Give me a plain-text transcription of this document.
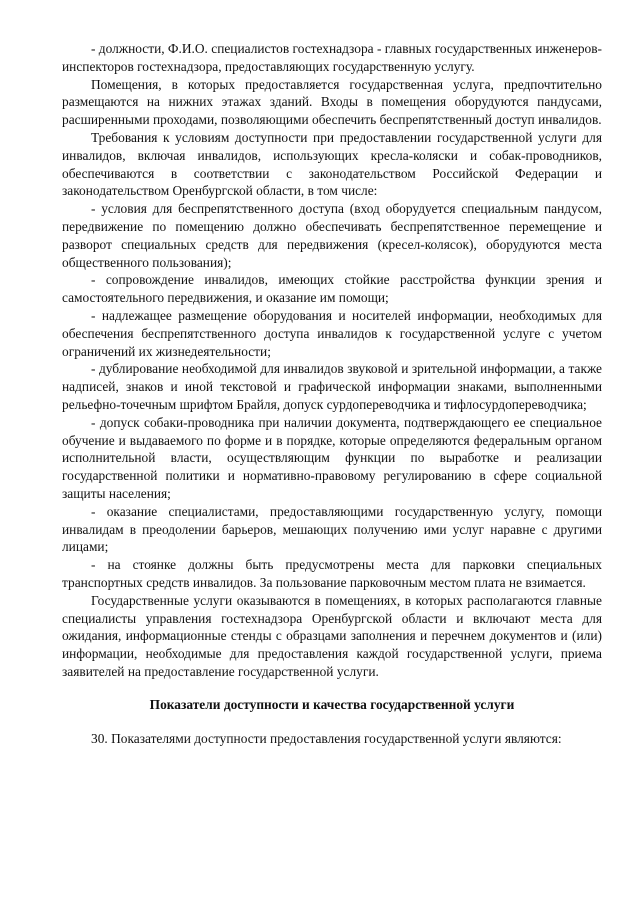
- должности, Ф.И.О. специалистов гостехнадзора - главных государственных инженеров-инспекторов гостехнадзора, предоставляющих государственную услугу.

Помещения, в которых предоставляется государственная услуга, предпочтительно размещаются на нижних этажах зданий. Входы в помещения оборудуются пандусами, расширенными проходами, позволяющими обеспечить беспрепятственный доступ инвалидов.

Требования к условиям доступности при предоставлении государственной услуги для инвалидов, включая инвалидов, использующих кресла-коляски и собак-проводников, обеспечиваются в соответствии с законодательством Российской Федерации и законодательством Оренбургской области, в том числе:

- условия для беспрепятственного доступа (вход оборудуется специальным пандусом, передвижение по помещению должно обеспечивать беспрепятственное перемещение и разворот специальных средств для передвижения (кресел-колясок), оборудуются места общественного пользования);

- сопровождение инвалидов, имеющих стойкие расстройства функции зрения и самостоятельного передвижения, и оказание им помощи;

- надлежащее размещение оборудования и носителей информации, необходимых для обеспечения беспрепятственного доступа инвалидов к государственной услуге с учетом ограничений их жизнедеятельности;

- дублирование необходимой для инвалидов звуковой и зрительной информации, а также надписей, знаков и иной текстовой и графической информации знаками, выполненными рельефно-точечным шрифтом Брайля, допуск сурдопереводчика и тифлосурдопереводчика;

- допуск собаки-проводника при наличии документа, подтверждающего ее специальное обучение и выдаваемого по форме и в порядке, которые определяются федеральным органом исполнительной власти, осуществляющим функции по выработке и реализации государственной политики и нормативно-правовому регулированию в сфере социальной защиты населения;

- оказание специалистами, предоставляющими государственную услугу, помощи инвалидам в преодолении барьеров, мешающих получению ими услуг наравне с другими лицами;

- на стоянке должны быть предусмотрены места для парковки специальных транспортных средств инвалидов. За пользование парковочным местом плата не взимается.

Государственные услуги оказываются в помещениях, в которых располагаются главные специалисты управления гостехнадзора Оренбургской области и включают места для ожидания, информационные стенды с образцами заполнения и перечнем документов и (или) информации, необходимые для предоставления каждой государственной услуги, приема заявителей на предоставление государственной услуги.

Показатели доступности и качества государственной услуги

30. Показателями доступности предоставления государственной услуги являются:
